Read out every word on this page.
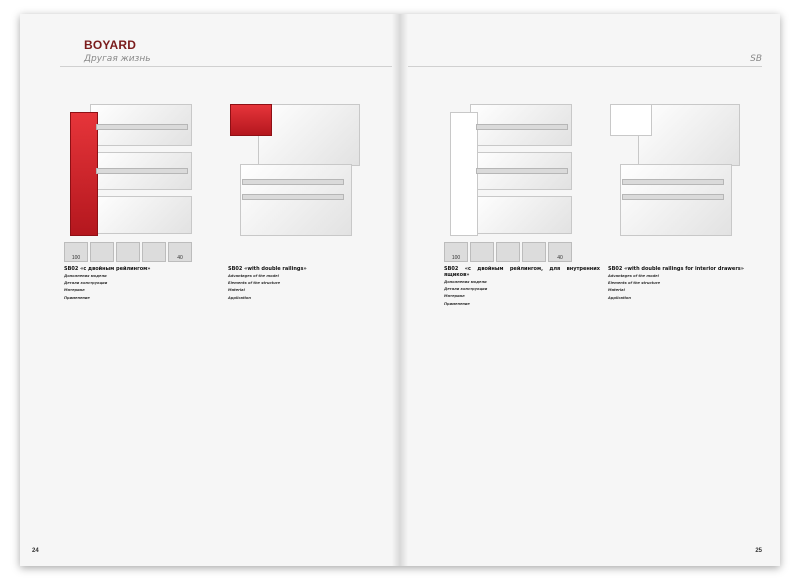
BOYARD
Другая жизнь
100	40
SB02 «с двойным рейлингом»
Дополнения модели
Детали конструкции
Материал
Применение
SB02 «with double railings»
Advantages of the model
Elements of the structure
Material
Application
24
SB
100	40
SB02 «с двойным рейлингом, для внутренних ящиков»
Дополнения модели
Детали конструкции
Материал
Применение
SB02 «with double railings for interior drawers»
Advantages of the model
Elements of the structure
Material
Application
25
